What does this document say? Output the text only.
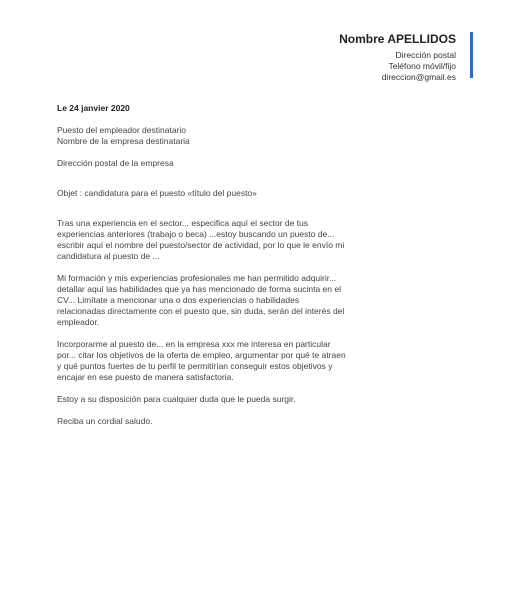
Nombre APELLIDOS
Dirección postal
Teléfono móvil/fijo
direccion@gmail.es
Le 24 janvier 2020
Puesto del empleador destinatario
Nombre de la empresa destinataria
Dirección postal de la empresa
Objet : candidatura para el puesto «título del puesto»
Tras una experiencia en el sector... especifica aquí el sector de tus experiencias anteriores (trabajo o beca) ...estoy buscando un puesto de... escribir aquí el nombre del puesto/sector de actividad, por lo que le envío mi candidatura al puesto de ...
Mi formación y mis experiencias profesionales me han permitido adquirir... detallar aquí las habilidades que ya has mencionado de forma sucinta en el CV... Limítate a mencionar una o dos experiencias o habilidades relacionadas directamente con el puesto que, sin duda, serán del interés del empleador.
Incorporarme al puesto de... en la empresa xxx me interesa en particular por... citar los objetivos de la oferta de empleo, argumentar por qué te atraen y qué puntos fuertes de tu perfil te permitirían conseguir estos objetivos y encajar en ese puesto de manera satisfactoria.
Estoy a su disposición para cualquier duda que le pueda surgir.
Reciba un cordial saludo.
